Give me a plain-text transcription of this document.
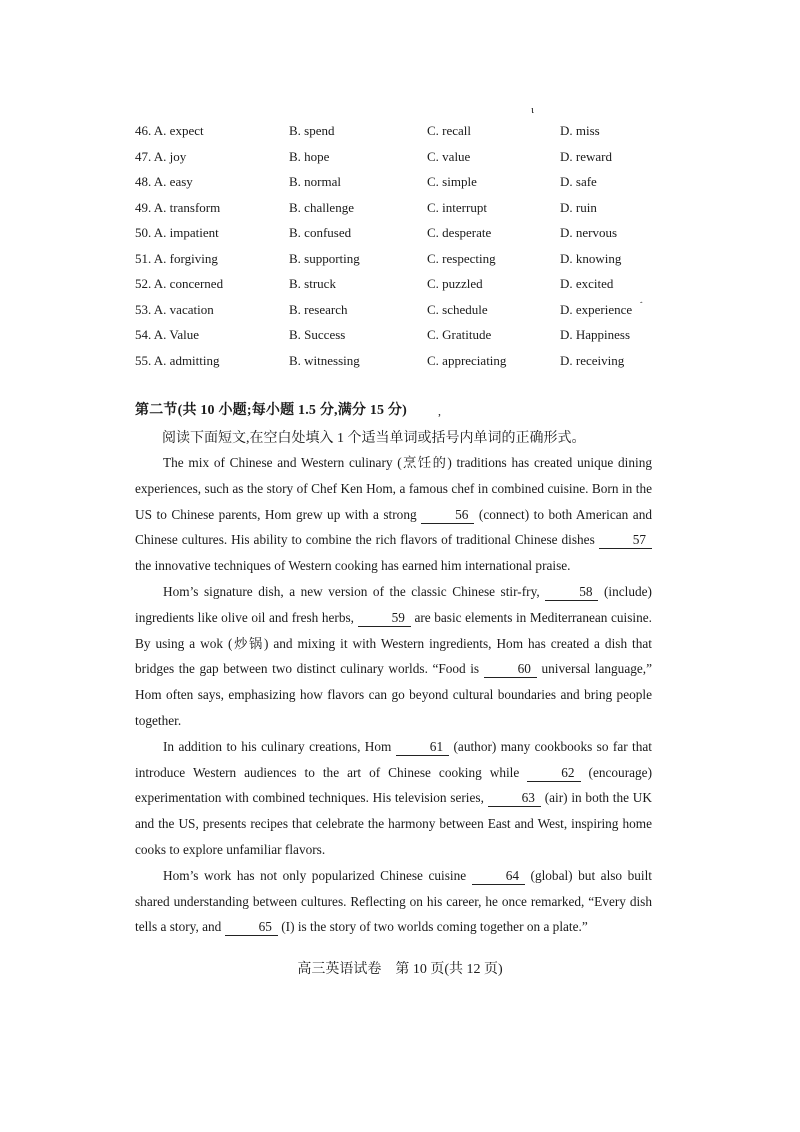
ι
ˊ
46. A. expect	B. spend	C. recall	D. miss
47. A. joy	B. hope	C. value	D. reward
48. A. easy	B. normal	C. simple	D. safe
49. A. transform	B. challenge	C. interrupt	D. ruin
50. A. impatient	B. confused	C. desperate	D. nervous
51. A. forgiving	B. supporting	C. respecting	D. knowing
52. A. concerned	B. struck	C. puzzled	D. excited
53. A. vacation	B. research	C. schedule	D. experience
54. A. Value	B. Success	C. Gratitude	D. Happiness
55. A. admitting	B. witnessing	C. appreciating	D. receiving
第二节(共 10 小题;每小题 1.5 分,满分 15 分)	,
阅读下面短文,在空白处填入 1 个适当单词或括号内单词的正确形式。

The mix of Chinese and Western culinary (烹饪的) traditions has created unique dining experiences, such as the story of Chef Ken Hom, a famous chef in combined cuisine. Born in the US to Chinese parents, Hom grew up with a strong	56 (connect) to both American and Chinese cultures. His ability to combine the rich flavors of traditional Chinese dishes	57 the innovative techniques of Western cooking has earned him international praise.

Hom’s signature dish, a new version of the classic Chinese stir-fry,	58 (include) ingredients like olive oil and fresh herbs,	59 are basic elements in Mediterranean cuisine. By using a wok (炒锅) and mixing it with Western ingredients, Hom has created a dish that bridges the gap between two distinct culinary worlds. “Food is	60 universal language,” Hom often says, emphasizing how flavors can go beyond cultural boundaries and bring people together.

In addition to his culinary creations, Hom	61 (author) many cookbooks so far that introduce Western audiences to the art of Chinese cooking while	62 (encourage) experimentation with combined techniques. His television series,	63 (air) in both the UK and the US, presents recipes that celebrate the harmony between East and West, inspiring home cooks to explore unfamiliar flavors.

Hom’s work has not only popularized Chinese cuisine	64 (global) but also built shared understanding between cultures. Reflecting on his career, he once remarked, “Every dish tells a story, and	65 (I) is the story of two worlds coming together on a plate.”

高三英语试卷　第 10 页(共 12 页)
